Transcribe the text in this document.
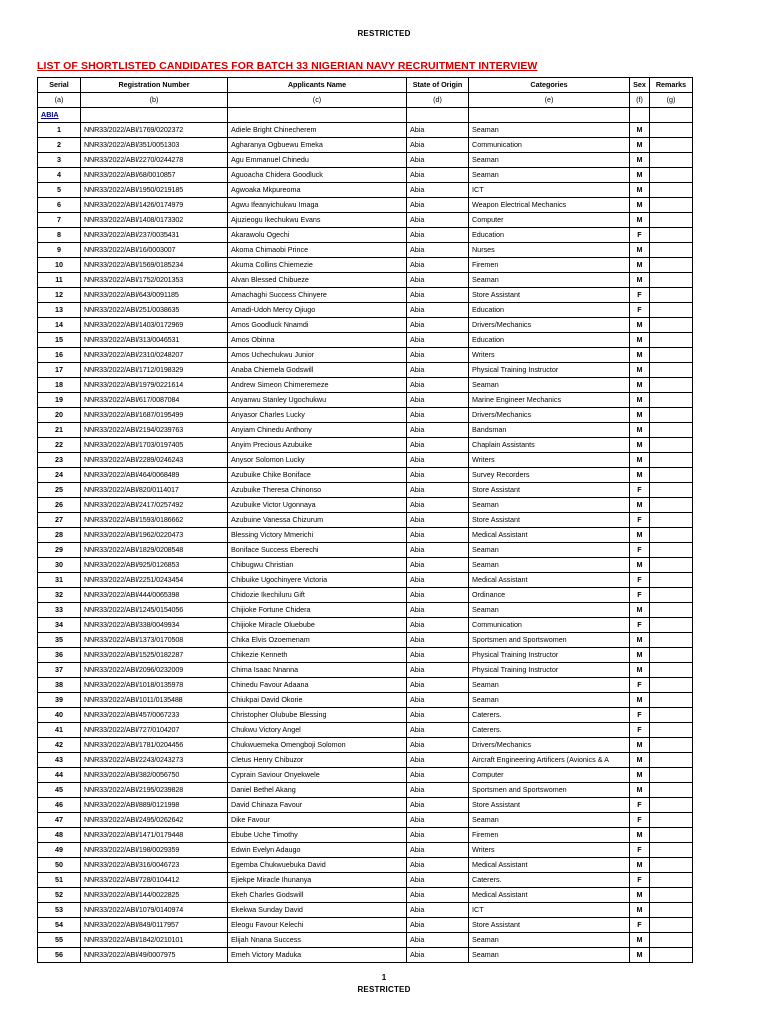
RESTRICTED
LIST OF SHORTLISTED CANDIDATES FOR BATCH 33 NIGERIAN NAVY RECRUITMENT INTERVIEW
Serial	Registration Number	Applicants Name	State of Origin	Categories	Sex	Remarks
(a)	(b)	(c)	(d)	(e)	(f)	(g)
ABIA						
1	NNR33/2022/ABI/1769/0202372	Adiele Bright Chinecherem	Abia	Seaman	M	
2	NNR33/2022/ABI/351/0051303	Agharanya Ogbuewu Emeka	Abia	Communication	M	
3	NNR33/2022/ABI/2270/0244278	Agu Emmanuel Chinedu	Abia	Seaman	M	
4	NNR33/2022/ABI/68/0010857	Aguoacha Chidera Goodluck	Abia	Seaman	M	
5	NNR33/2022/ABI/1950/0219185	Agwoaka Mkpureoma	Abia	ICT	M	
6	NNR33/2022/ABI/1426/0174979	Agwu Ifeanyichukwu Imaga	Abia	Weapon Electrical Mechanics	M	
7	NNR33/2022/ABI/1408/0173302	Ajuzieogu Ikechukwu Evans	Abia	Computer	M	
8	NNR33/2022/ABI/237/0035431	Akarawolu Ogechi	Abia	Education	F	
9	NNR33/2022/ABI/16/0003007	Akoma Chimaobi Prince	Abia	Nurses	M	
10	NNR33/2022/ABI/1569/0185234	Akuma Collins Chiemezie	Abia	Firemen	M	
11	NNR33/2022/ABI/1752/0201353	Alvan Blessed Chibueze	Abia	Seaman	M	
12	NNR33/2022/ABI/643/0091185	Amachaghi Success Chinyere	Abia	Store Assistant	F	
13	NNR33/2022/ABI/251/0038635	Amadi-Udoh Mercy Ojiugo	Abia	Education	F	
14	NNR33/2022/ABI/1403/0172969	Amos Goodluck Nnamdi	Abia	Drivers/Mechanics	M	
15	NNR33/2022/ABI/313/0046531	Amos Obinna	Abia	Education	M	
16	NNR33/2022/ABI/2310/0248207	Amos Uchechukwu Junior	Abia	Writers	M	
17	NNR33/2022/ABI/1712/0198329	Anaba Chiemela Godswill	Abia	Physical Training Instructor	M	
18	NNR33/2022/ABI/1979/0221614	Andrew Simeon Chimeremeze	Abia	Seaman	M	
19	NNR33/2022/ABI/617/0087084	Anyanwu Stanley Ugochukwu	Abia	Marine Engineer Mechanics	M	
20	NNR33/2022/ABI/1687/0195499	Anyasor Charles Lucky	Abia	Drivers/Mechanics	M	
21	NNR33/2022/ABI/2194/0239763	Anyiam Chinedu Anthony	Abia	Bandsman	M	
22	NNR33/2022/ABI/1703/0197405	Anyim Precious Azubuike	Abia	Chaplain Assistants	M	
23	NNR33/2022/ABI/2289/0246243	Anysor Solomon Lucky	Abia	Writers	M	
24	NNR33/2022/ABI/464/0068489	Azubuike Chike Boniface	Abia	Survey Recorders	M	
25	NNR33/2022/ABI/820/0114017	Azubuike Theresa Chinonso	Abia	Store Assistant	F	
26	NNR33/2022/ABI/2417/0257492	Azubuike Victor Ugonnaya	Abia	Seaman	M	
27	NNR33/2022/ABI/1593/0186662	Azubuine Vanessa Chizurum	Abia	Store Assistant	F	
28	NNR33/2022/ABI/1962/0220473	Blessing Victory Mmerichi	Abia	Medical Assistant	M	
29	NNR33/2022/ABI/1829/0208548	Boniface Success Eberechi	Abia	Seaman	F	
30	NNR33/2022/ABI/925/0126853	Chibugwu Christian	Abia	Seaman	M	
31	NNR33/2022/ABI/2251/0243454	Chibuike Ugochinyere Victoria	Abia	Medical Assistant	F	
32	NNR33/2022/ABI/444/0065398	Chidozie Ikechiluru Gift	Abia	Ordinance	F	
33	NNR33/2022/ABI/1245/0154056	Chijioke Fortune Chidera	Abia	Seaman	M	
34	NNR33/2022/ABI/338/0049934	Chijioke Miracle Oluebube	Abia	Communication	F	
35	NNR33/2022/ABI/1373/0170508	Chika Elvis Ozoemenam	Abia	Sportsmen and Sportswomen	M	
36	NNR33/2022/ABI/1525/0182287	Chikezie Kenneth	Abia	Physical Training Instructor	M	
37	NNR33/2022/ABI/2096/0232009	Chima Isaac Nnanna	Abia	Physical Training Instructor	M	
38	NNR33/2022/ABI/1018/0135978	Chinedu Favour Adaana	Abia	Seaman	F	
39	NNR33/2022/ABI/1011/0135488	Chiukpai David Okorie	Abia	Seaman	M	
40	NNR33/2022/ABI/457/0067233	Christopher Olubube Blessing	Abia	Caterers.	F	
41	NNR33/2022/ABI/727/0104207	Chukwu Victory Angel	Abia	Caterers.	F	
42	NNR33/2022/ABI/1781/0204456	Chukwuemeka Omengboji Solomon	Abia	Drivers/Mechanics	M	
43	NNR33/2022/ABI/2243/0243273	Cletus Henry Chibuzor	Abia	Aircraft Engineering Artificers (Avionics & A	M	
44	NNR33/2022/ABI/382/0056750	Cyprain Saviour Onyekwele	Abia	Computer	M	
45	NNR33/2022/ABI/2195/0239828	Daniel Bethel Akang	Abia	Sportsmen and Sportswomen	M	
46	NNR33/2022/ABI/889/0121998	David Chinaza Favour	Abia	Store Assistant	F	
47	NNR33/2022/ABI/2495/0262642	Dike Favour	Abia	Seaman	F	
48	NNR33/2022/ABI/1471/0179448	Ebube Uche Timothy	Abia	Firemen	M	
49	NNR33/2022/ABI/198/0029359	Edwin Evelyn Adaugo	Abia	Writers	F	
50	NNR33/2022/ABI/316/0046723	Egemba Chukwuebuka David	Abia	Medical Assistant	M	
51	NNR33/2022/ABI/728/0104412	Ejiekpe Miracle Ihunanya	Abia	Caterers.	F	
52	NNR33/2022/ABI/144/0022825	Ekeh Charles Godswill	Abia	Medical Assistant	M	
53	NNR33/2022/ABI/1079/0140974	Ekekwa Sunday David	Abia	ICT	M	
54	NNR33/2022/ABI/849/0117957	Eleogu Favour Kelechi	Abia	Store Assistant	F	
55	NNR33/2022/ABI/1842/0210101	Elijah Nnana Success	Abia	Seaman	M	
56	NNR33/2022/ABI/49/0007975	Emeh Victory Maduka	Abia	Seaman	M	
1
RESTRICTED
